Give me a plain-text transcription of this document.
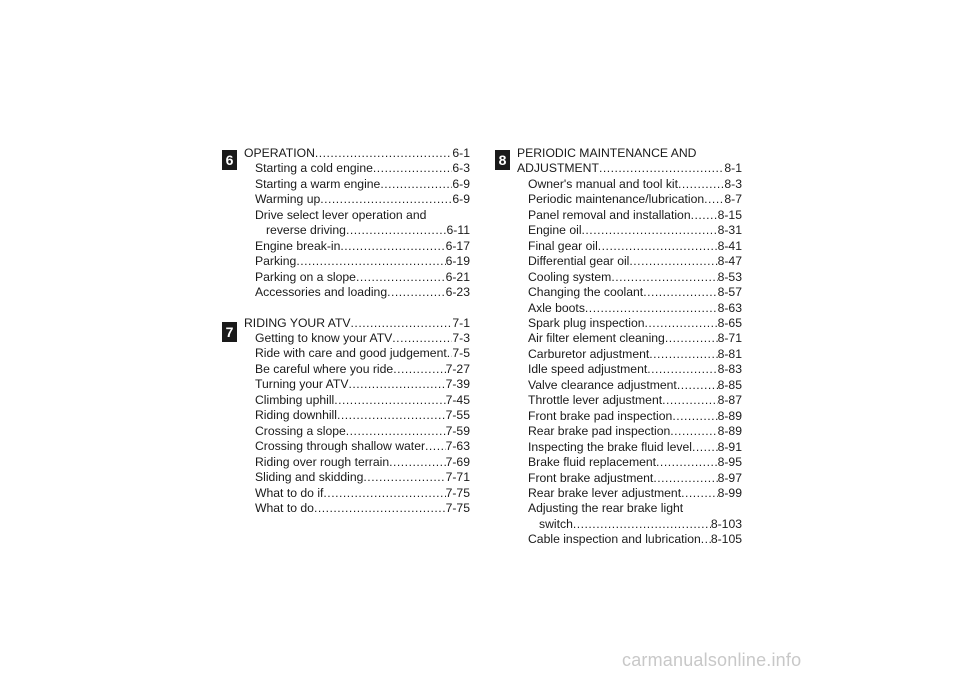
6 OPERATION .....	6-1
Starting a cold engine .....	6-3
Starting a warm engine .....	6-9
Warming up .....	6-9
Drive select lever operation and
reverse driving .....	6-11
Engine break-in .....	6-17
Parking .....	6-19
Parking on a slope .....	6-21
Accessories and loading .....	6-23
7
RIDING YOUR ATV .....	7-1
Getting to know your ATV .....	7-3
Ride with care and good judgement ..... 7-5
Be careful where you ride .....	7-27
Turning your ATV .....	7-39
Climbing uphill .....	7-45
Riding downhill .....	7-55
Crossing a slope .....	7-59
Crossing through shallow water ..... 7-63
Riding over rough terrain .....	7-69
Sliding and skidding .....	7-71
What to do if .....	7-75
What to do .....	7-75
8 PERIODIC MAINTENANCE AND
ADJUSTMENT .....	8-1
Owner's manual and tool kit .....	8-3
Periodic maintenance/lubrication ..... 8-7
Panel removal and installation ..... 8-15
Engine oil .....	8-31
Final gear oil .....	8-41
Differential gear oil .....	8-47
Cooling system .....	8-53
Changing the coolant .....	8-57
Axle boots .....	8-63
Spark plug inspection .....	8-65
Air filter element cleaning .....	8-71
Carburetor adjustment .....	8-81
Idle speed adjustment .....	8-83
Valve clearance adjustment .....	8-85
Throttle lever adjustment .....	8-87
Front brake pad inspection .....	8-89
Rear brake pad inspection .....	8-89
Inspecting the brake fluid level ..... 8-91
Brake fluid replacement .....	8-95
Front brake adjustment .....	8-97
Rear brake lever adjustment .....	8-99
Adjusting the rear brake light
switch .....	8-103
Cable inspection and lubrication ..... 8-105
carmanualsonline.info
